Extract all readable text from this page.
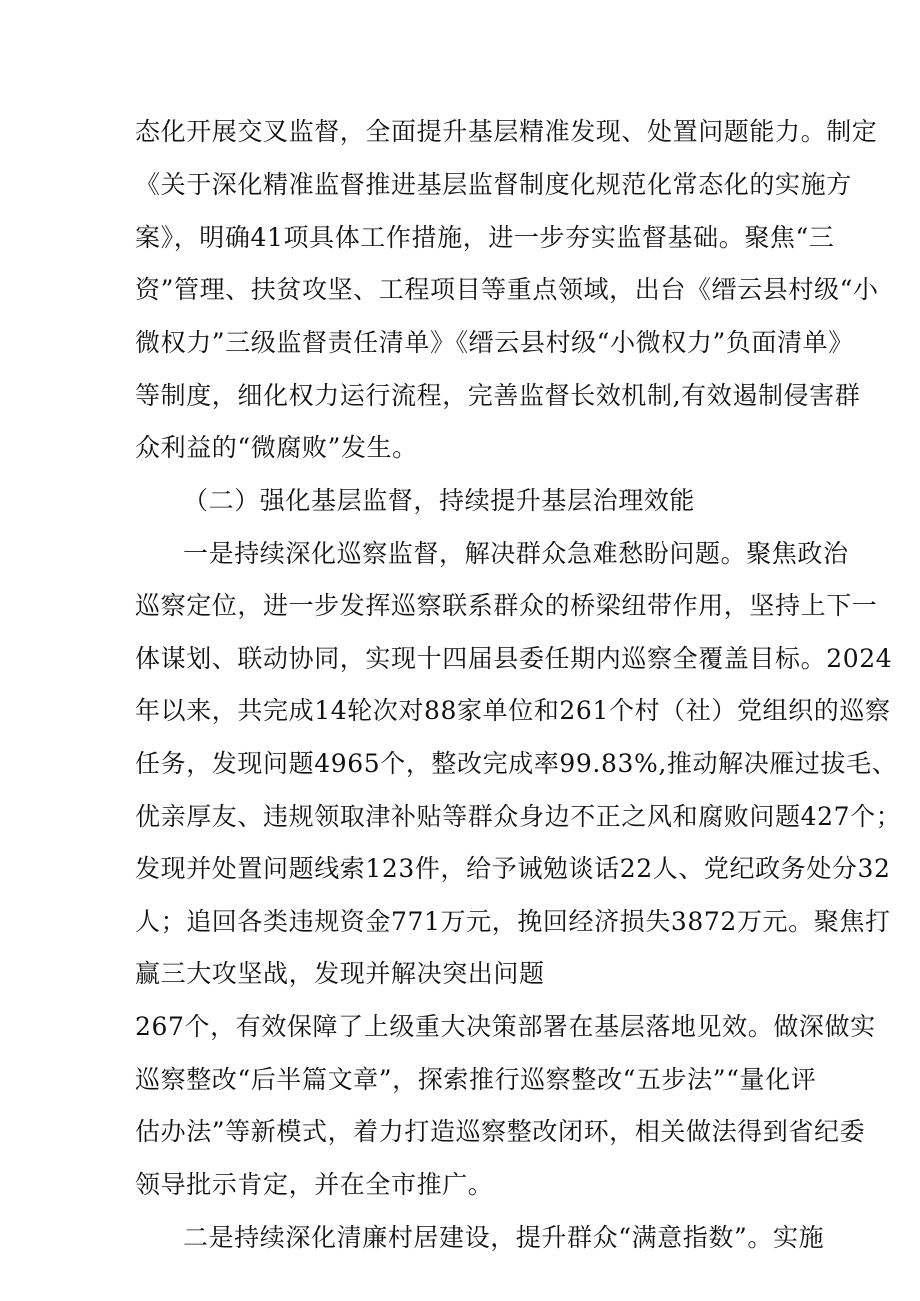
态化开展交叉监督，全面提升基层精准发现、处置问题能力。制定

《关于深化精准监督推进基层监督制度化规范化常态化的实施方

案》，明确41项具体工作措施，进一步夯实监督基础。聚焦“三

资”管理、扶贫攻坚、工程项目等重点领域，出台《缙云县村级“小

微权力”三级监督责任清单》《缙云县村级“小微权力”负面清单》

等制度，细化权力运行流程，完善监督长效机制,有效遏制侵害群

众利益的“微腐败”发生。

（二）强化基层监督，持续提升基层治理效能

一是持续深化巡察监督，解决群众急难愁盼问题。聚焦政治

巡察定位，进一步发挥巡察联系群众的桥梁纽带作用，坚持上下一

体谋划、联动协同，实现十四届县委任期内巡察全覆盖目标。2024

年以来，共完成14轮次对88家单位和261个村（社）党组织的巡察

任务，发现问题4965个，整改完成率99.83%,推动解决雁过拔毛、

优亲厚友、违规领取津补贴等群众身边不正之风和腐败问题427个；

发现并处置问题线索123件，给予诫勉谈话22人、党纪政务处分32

人；追回各类违规资金771万元，挽回经济损失3872万元。聚焦打

赢三大攻坚战，发现并解决突出问题

267个，有效保障了上级重大决策部署在基层落地见效。做深做实

巡察整改“后半篇文章”，探索推行巡察整改“五步法”“量化评

估办法”等新模式，着力打造巡察整改闭环，相关做法得到省纪委

领导批示肯定，并在全市推广。

二是持续深化清廉村居建设，提升群众“满意指数”。实施
